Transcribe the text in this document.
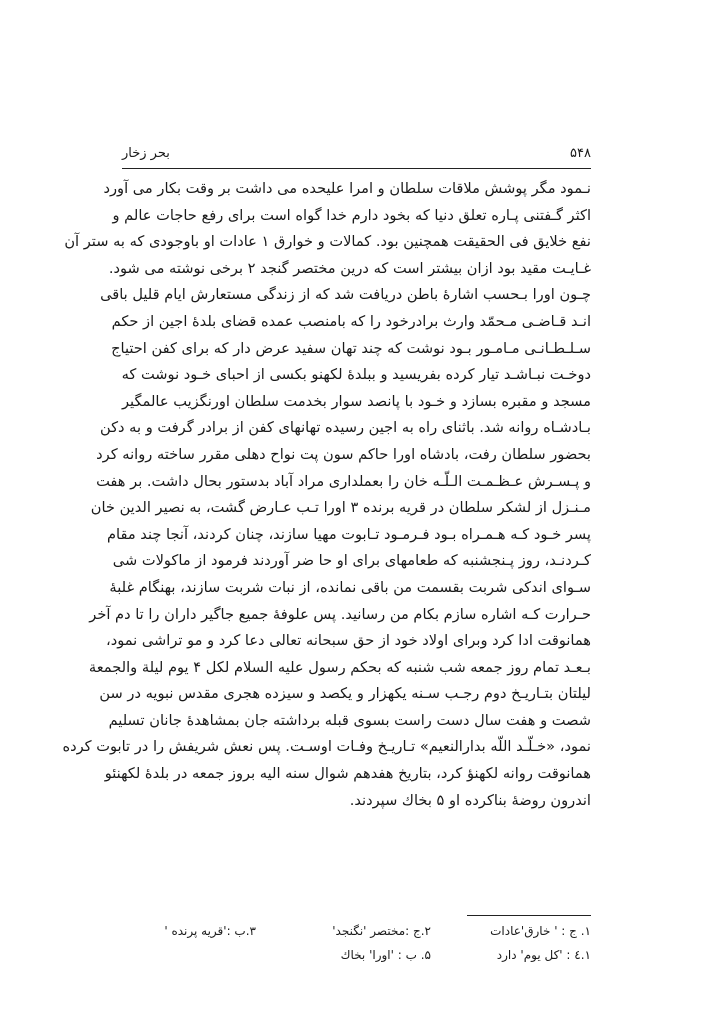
۵۴۸
بحر زخار
نـمود مگر پوشش ملاقات سلطان و امرا علیحده می داشت بر وقت بکار می آورد
اکثر گـفتنی پـاره تعلق دنیا که بخود دارم خدا گواه است برای رفع حاجات عالم و
نفع خلایق فی الحقیقت همچنین بود. کمالات و خوارق ۱ عادات او باوجودی که به ستر آن
غـایـت مقید بود ازان بیشتر است که درین مختصر گنجد ۲ برخی نوشته می شود.
چـون اورا بـحسب اشارهٔ باطن دریافت شد که از زندگی مستعارش ایام قلیل باقی
انـد قـاضـی مـحمّد وارث برادرخود را که بامنصب عمده قضای بلدهٔ اجین از حکم
سـلـطـانـی مـامـور بـود نوشت که چند تهان سفید عرض دار که برای کفن احتیاج
دوخـت نبـاشـد تیار کرده بفریسید و ببلدهٔ لکهنو بکسی از احبای خـود نوشت که
مسجد و مقبره بسازد و خـود با پانصد سوار بخدمت سلطان اورنگزیب عالمگیر
بـادشـاه روانه شد. باثنای راه به اجین رسیده تهانهای کفن از برادر گرفت و به دکن
بحضور سلطان رفت، بادشاه اورا حاکم سون پت نواح دهلی مقرر ساخته روانه کرد
و پـسـرش عـظـمـت الـلّـه خان را بعملداری مراد آباد بدستور بحال داشت. بر هفت
مـنـزل از لشکر سلطان در قریه برنده ۳ اورا تـب عـارض گشت، به نصیر الدین خان
پسر خـود کـه هـمـراه بـود فـرمـود تـابوت مهیا سازند، چنان کردند، آنجا چند مقام
کـردنـد، روز پـنجشنبه که طعامهای برای او حا ضر آوردند فرمود از ماکولات شی
سـوای اندکی شربت بقسمت من باقی نمانده، از نبات شربت سازند، بهنگام غلبهٔ
حـرارت کـه اشاره سازم بکام من رسانید. پس علوفهٔ جمیع جاگیر داران را تا دم آخر
همانوقت ادا کرد وبرای اولاد خود از حق سبحانه تعالی دعا کرد و مو تراشی نمود،
بـعـد تمام روز جمعه شب شنبه که بحکم رسول علیه السلام لکل ۴ یوم لیلة والجمعة
لیلتان بتـاریـخ دوم رجـب سـنه یکهزار و یکصد و سیزده هجری مقدس نبویه در سن
شصت و هفت سال دست راست بسوی قبله برداشته جان بمشاهدهٔ جانان تسلیم
نمود، «خـلّـد اللّه بدارالنعیم» تـاریـخ وفـات اوسـت. پس نعش شریفش را در تابوت کرده
همانوقت روانه لکهنؤ کرد، بتاریخ هفدهم شوال سنه الیه بروز جمعه در بلدهٔ لکهنئو
اندرون روضهٔ بناکرده او ۵ بخاك سپردند.
۱. ج : ' خارق'عادات
۲.ج :مختصر 'نگنجد'
۳.ب :'قریه پرنده '
۱.٤ : 'کل یوم' دارد
۵. ب : 'اورا' بخاك
